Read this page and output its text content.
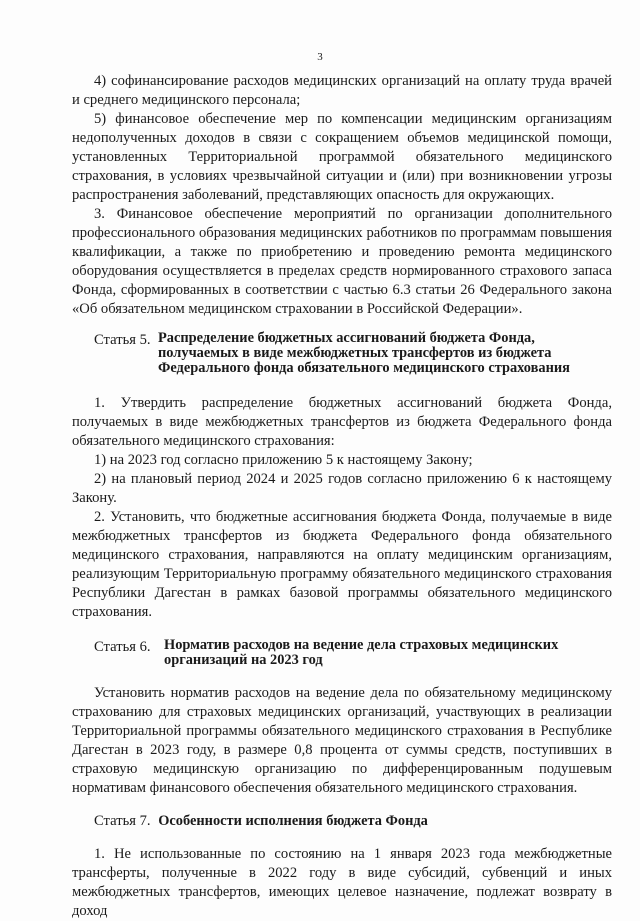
3

4) софинансирование расходов медицинских организаций на оплату труда врачей и среднего медицинского персонала;

5) финансовое обеспечение мер по компенсации медицинским организациям недополученных доходов в связи с сокращением объемов медицинской помощи, установленных Территориальной программой обязательного медицинского страхования, в условиях чрезвычайной ситуации и (или) при возникновении угрозы распространения заболеваний, представляющих опасность для окружающих.

3. Финансовое обеспечение мероприятий по организации дополнительного профессионального образования медицинских работников по программам повышения квалификации, а также по приобретению и проведению ремонта медицинского оборудования осуществляется в пределах средств нормированного страхового запаса Фонда, сформированных в соответствии с частью 6.3 статьи 26 Федерального закона «Об обязательном медицинском страховании в Российской Федерации».

Статья 5. Распределение бюджетных ассигнований бюджета Фонда, получаемых в виде межбюджетных трансфертов из бюджета Федерального фонда обязательного медицинского страхования

1. Утвердить распределение бюджетных ассигнований бюджета Фонда, получаемых в виде межбюджетных трансфертов из бюджета Федерального фонда обязательного медицинского страхования:

1) на 2023 год согласно приложению 5 к настоящему Закону;

2) на плановый период 2024 и 2025 годов согласно приложению 6 к настоящему Закону.

2. Установить, что бюджетные ассигнования бюджета Фонда, получаемые в виде межбюджетных трансфертов из бюджета Федерального фонда обязательного медицинского страхования, направляются на оплату медицинским организациям, реализующим Территориальную программу обязательного медицинского страхования Республики Дагестан в рамках базовой программы обязательного медицинского страхования.

Статья 6. Норматив расходов на ведение дела страховых медицинских организаций на 2023 год

Установить норматив расходов на ведение дела по обязательному медицинскому страхованию для страховых медицинских организаций, участвующих в реализации Территориальной программы обязательного медицинского страхования в Республике Дагестан в 2023 году, в размере 0,8 процента от суммы средств, поступивших в страховую медицинскую организацию по дифференцированным подушевым нормативам финансового обеспечения обязательного медицинского страхования.

Статья 7. Особенности исполнения бюджета Фонда

1. Не использованные по состоянию на 1 января 2023 года межбюджетные трансферты, полученные в 2022 году в виде субсидий, субвенций и иных межбюджетных трансфертов, имеющих целевое назначение, подлежат возврату в доход
